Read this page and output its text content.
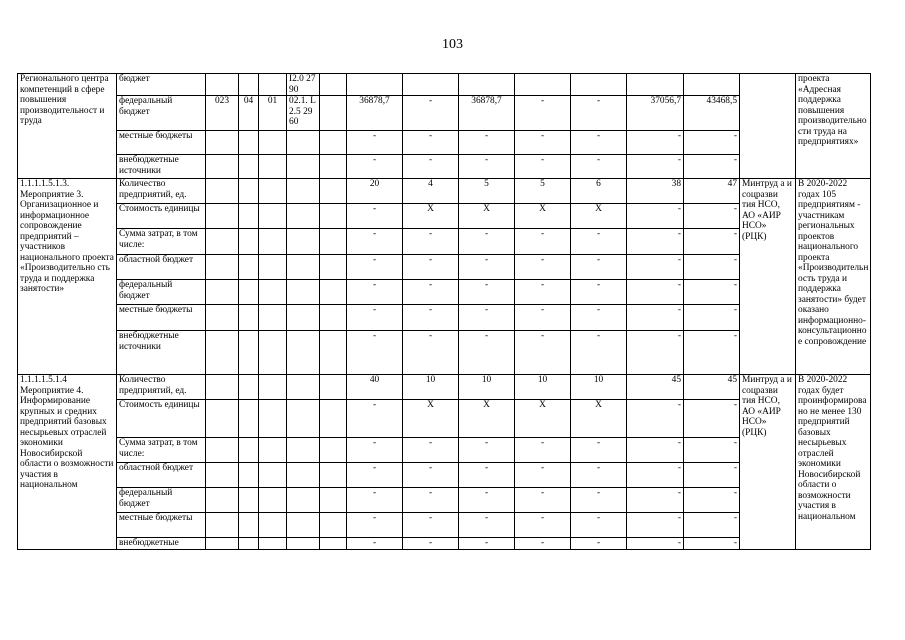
103
Регионального центра компетенций в сфере повышения производительност и труда	бюджет				I2.0 2790										проекта «Адресная поддержка повышения производительно сти труда на предприятиях»
	федеральный бюджет	023	04	01	02.1. L2.5 2960		36878,7	-	36878,7	-	-	37056,7	43468,5		
	местные бюджеты						-	-	-	-	-	-	-		
	внебюджетные источники						-	-	-	-	-	-	-		
1.1.1.1.5.1.3. Мероприятие 3. Организационное и информационное сопровождение предприятий – участников национального проекта «Производительно сть труда и поддержка занятости»	Количество предприятий, ед.						20	4	5	5	6	38	47	Минтруд а и соцразви тия НСО, АО «АИР НСО» (РЦК)	В 2020-2022 годах 105 предприятиям - участникам региональных проектов национального проекта «Производительн ость труда и поддержка занятости» будет оказано информационно-консультационно е сопровождение
	Стоимость единицы						-	X	X	X	X	-	-		
	Сумма затрат, в том числе:						-	-	-	-	-	-	-		
	областной бюджет						-	-	-	-	-	-	-		
	федеральный бюджет						-	-	-	-	-	-	-		
	местные бюджеты						-	-	-	-	-	-	-		
	внебюджетные источники						-	-	-	-	-	-	-		
1.1.1.1.5.1.4 Мероприятие 4. Информирование крупных и средних предприятий базовых несырьевых отраслей экономики Новосибирской области о возможности участия в национальном	Количество предприятий, ед.						40	10	10	10	10	45	45	Минтруд а и соцразви тия НСО, АО «АИР НСО» (РЦК)	В 2020-2022 годах будет проинформирова но не менее 130 предприятий базовых несырьевых отраслей экономики Новосибирской области о возможности участия в национальном
	Стоимость единицы						-	X	X	X	X	-	-		
	Сумма затрат, в том числе:						-	-	-	-	-	-	-		
	областной бюджет						-	-	-	-	-	-	-		
	федеральный бюджет						-	-	-	-	-	-	-		
	местные бюджеты						-	-	-	-	-	-	-		
	внебюджетные						-	-	-	-	-	-	-		
